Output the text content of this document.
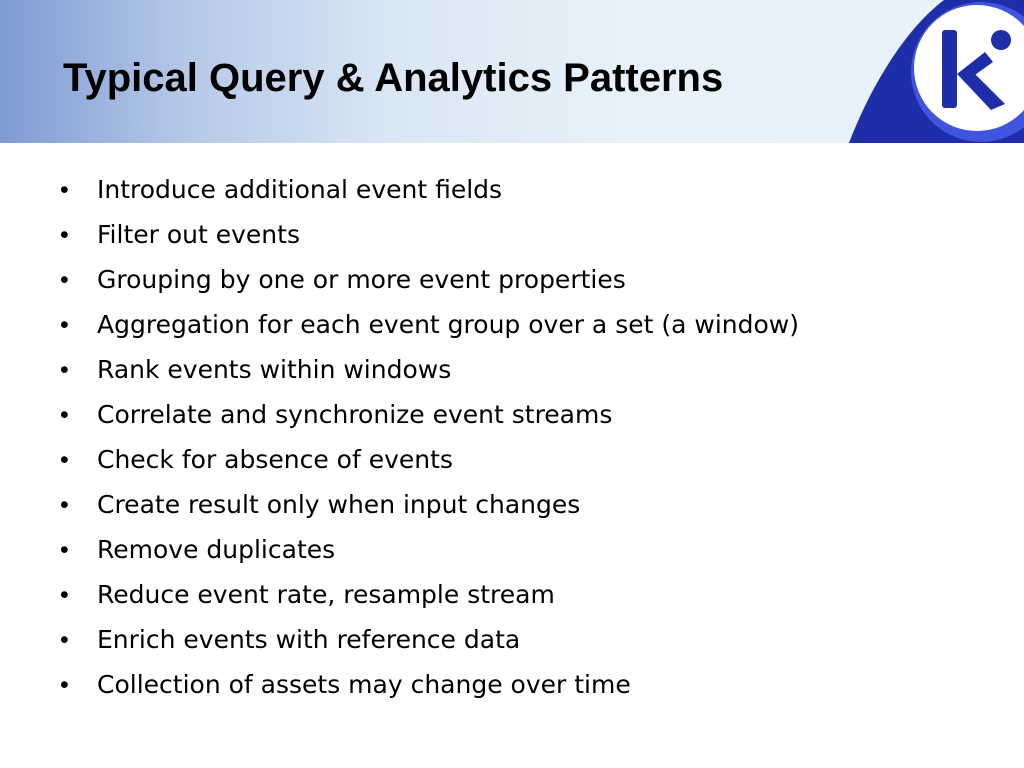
Typical Query & Analytics Patterns
• Introduce additional event fields
• Filter out events
• Grouping by one or more event properties
• Aggregation for each event group over a set (a window)
• Rank events within windows
• Correlate and synchronize event streams
• Check for absence of events
• Create result only when input changes
• Remove duplicates
• Reduce event rate, resample stream
• Enrich events with reference data
• Collection of assets may change over time
